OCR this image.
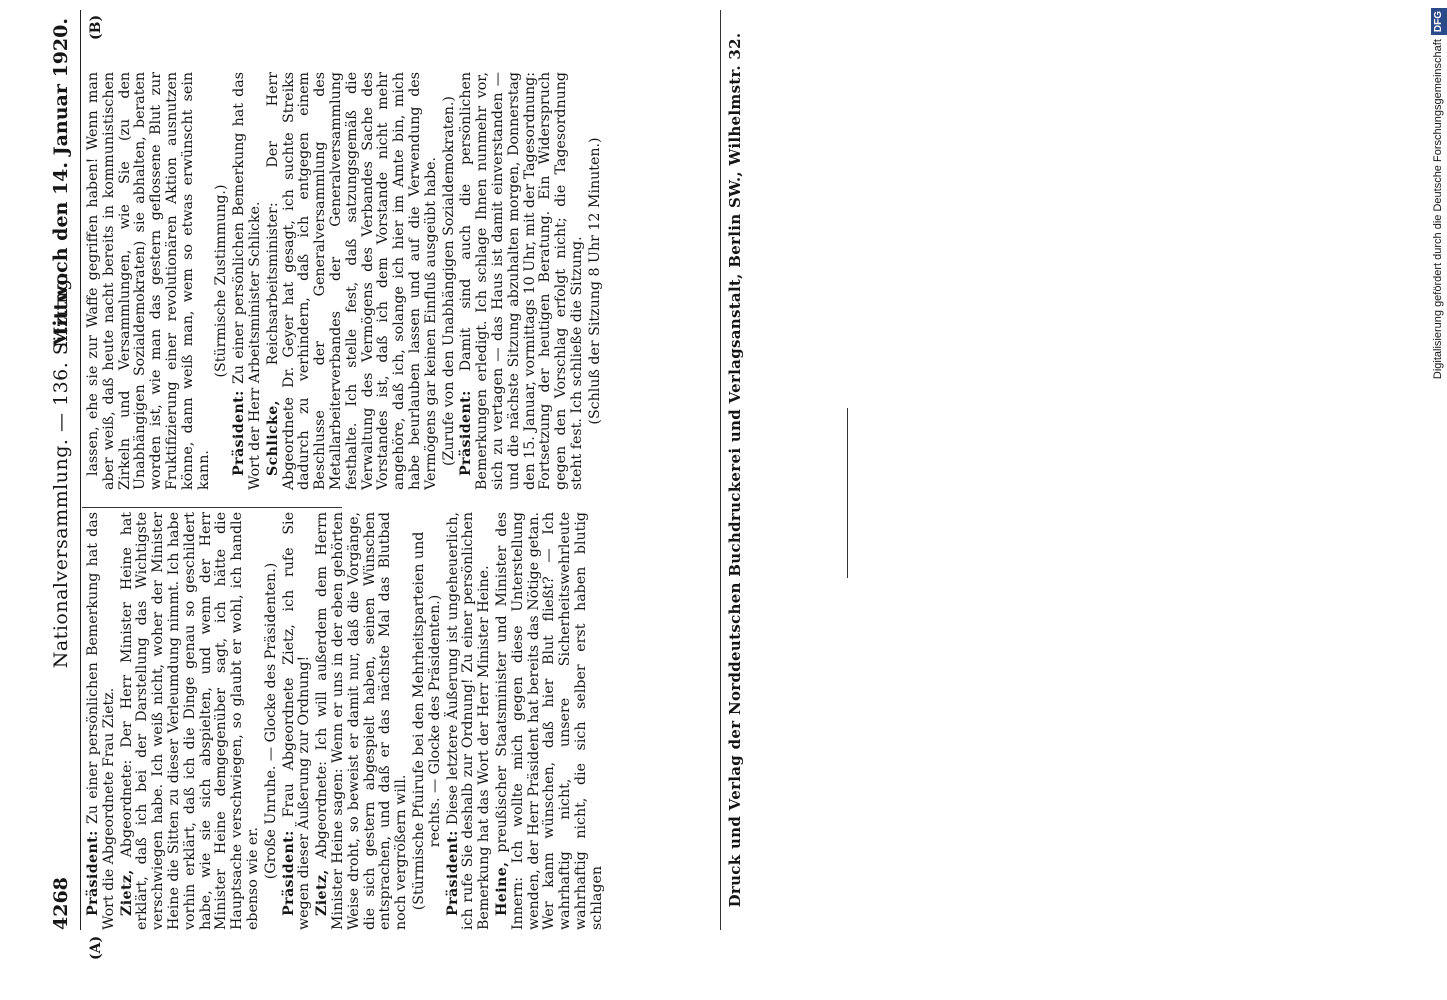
4268
Nationalversammlung. — 136. Sitzung.
Mittwoch den 14. Januar 1920.
(A)
(B)

Präsident: Zu einer persönlichen Bemerkung hat das Wort die Abgeordnete Frau Zietz. Zietz, Abgeordnete: Der Herr Minister Heine hat erklärt, daß ich bei der Darstellung das Wichtigste verschwiegen habe. Ich weiß nicht, woher der Minister Heine die Sitten zu dieser Verleumdung nimmt. Ich habe vorhin erklärt, daß ich die Dinge genau so geschildert habe, wie sie sich abspielten, und wenn der Herr Minister Heine demgegenüber sagt, ich hätte die Hauptsache verschwiegen, so glaubt er wohl, ich handle ebenso wie er. (Große Unruhe. — Glocke des Präsidenten.) Präsident: Frau Abgeordnete Zietz, ich rufe Sie wegen dieser Äußerung zur Ordnung! Zietz, Abgeordnete: Ich will außerdem dem Herrn Minister Heine sagen: Wenn er uns in der eben gehörten Weise droht, so beweist er damit nur, daß die Vorgänge, die sich gestern abgespielt haben, seinen Wünschen entsprachen, und daß er das nächste Mal das Blutbad noch vergrößern will. (Stürmische Pfuirufe bei den Mehrheitsparteien und rechts. — Glocke des Präsidenten.)

Präsident: Diese letztere Äußerung ist ungeheuerlich, ich rufe Sie deshalb zur Ordnung! Zu einer persönlichen Bemerkung hat das Wort der Herr Minister Heine. Heine, preußischer Staatsminister und Minister des Innern: Ich wollte mich gegen diese Unterstellung wenden, der Herr Präsident hat bereits das Nötige getan. Wer kann wünschen, daß hier Blut fließt? — Ich wahrhaftig nicht, unsere Sicherheitswehrleute wahrhaftig nicht, die sich selber erst haben blutig schlagen

lassen, ehe sie zur Waffe gegriffen haben! Wenn man aber weiß, daß heute nacht bereits in kommunistischen Zirkeln und Versammlungen, wie Sie (zu den Unabhängigen Sozialdemokraten) sie abhalten, beraten worden ist, wie man das gestern geflossene Blut zur Fruktifizierung einer revolutionären Aktion ausnutzen könne, dann weiß man, wem so etwas erwünscht sein kann.

(Stürmische Zustimmung.)

Präsident: Zu einer persönlichen Bemerkung hat das Wort der Herr Arbeitsminister Schlicke. Schlicke, Reichsarbeitsminister: Der Herr Abgeordnete Dr. Geyer hat gesagt, ich suchte Streiks dadurch zu verhindern, daß ich entgegen einem Beschlusse der Generalversammlung des Metallarbeiterverbandes der Generalversammlung festhalte. Ich stelle fest, daß satzungsgemäß die Verwaltung des Vermögens des Verbandes Sache des Vorstandes ist, daß ich dem Vorstande nicht mehr angehöre, daß ich, solange ich hier im Amte bin, mich habe beurlauben lassen und auf die Verwendung des Vermögens gar keinen Einfluß ausgeübt habe. (Zurufe von den Unabhängigen Sozialdemokraten.) Präsident: Damit sind auch die persönlichen Bemerkungen erledigt. Ich schlage Ihnen nunmehr vor, sich zu vertagen — das Haus ist damit einverstanden — und die nächste Sitzung abzuhalten morgen, Donnerstag den 15. Januar, vormittags 10 Uhr, mit der Tagesordnung: Fortsetzung der heutigen Beratung. Ein Widerspruch gegen den Vorschlag erfolgt nicht; die Tagesordnung steht fest. Ich schließe die Sitzung. (Schluß der Sitzung 8 Uhr 12 Minuten.)	Druck und Verlag der Norddeutschen Buchdruckerei und Verlagsanstalt, Berlin SW., Wilhelmstr. 32.	Digitalisierung gefördert durch die Deutsche ForschungsgemeinschaftDFG
